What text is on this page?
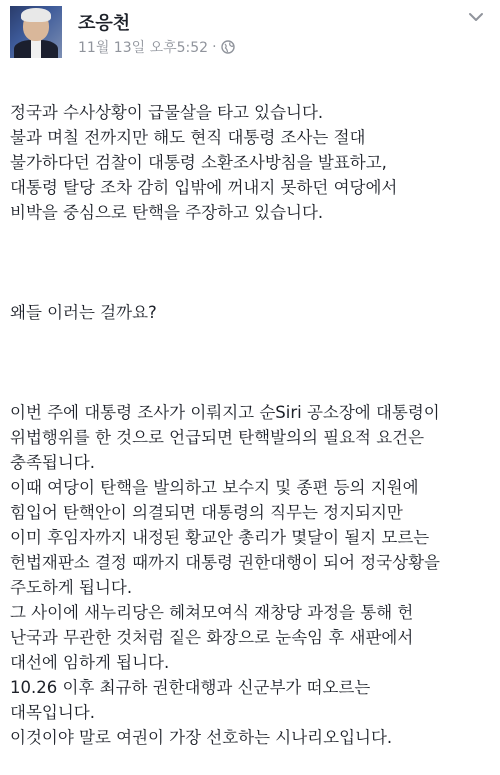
조응천
11월 13일 오후5:52 ·

정국과 수사상황이 급물살을 타고 있습니다.
불과 며칠 전까지만 해도 현직 대통령 조사는 절대
불가하다던 검찰이 대통령 소환조사방침을 발표하고,
대통령 탈당 조차 감히 입밖에 꺼내지 못하던 여당에서
비박을 중심으로 탄핵을 주장하고 있습니다.

왜들 이러는 걸까요?

이번 주에 대통령 조사가 이뤄지고 순Siri 공소장에 대통령이
위법행위를 한 것으로 언급되면 탄핵발의의 필요적 요건은
충족됩니다.
이때 여당이 탄핵을 발의하고 보수지 및 종편 등의 지원에
힘입어 탄핵안이 의결되면 대통령의 직무는 정지되지만
이미 후임자까지 내정된 황교안 총리가 몇달이 될지 모르는
헌법재판소 결정 때까지 대통령 권한대행이 되어 정국상황을
주도하게 됩니다.
그 사이에 새누리당은 헤쳐모여식 재창당 과정을 통해 헌
난국과 무관한 것처럼 짙은 화장으로 눈속임 후 새판에서
대선에 임하게 됩니다.
10.26 이후 최규하 권한대행과 신군부가 떠오르는
대목입니다.
이것이야 말로 여권이 가장 선호하는 시나리오입니다.
